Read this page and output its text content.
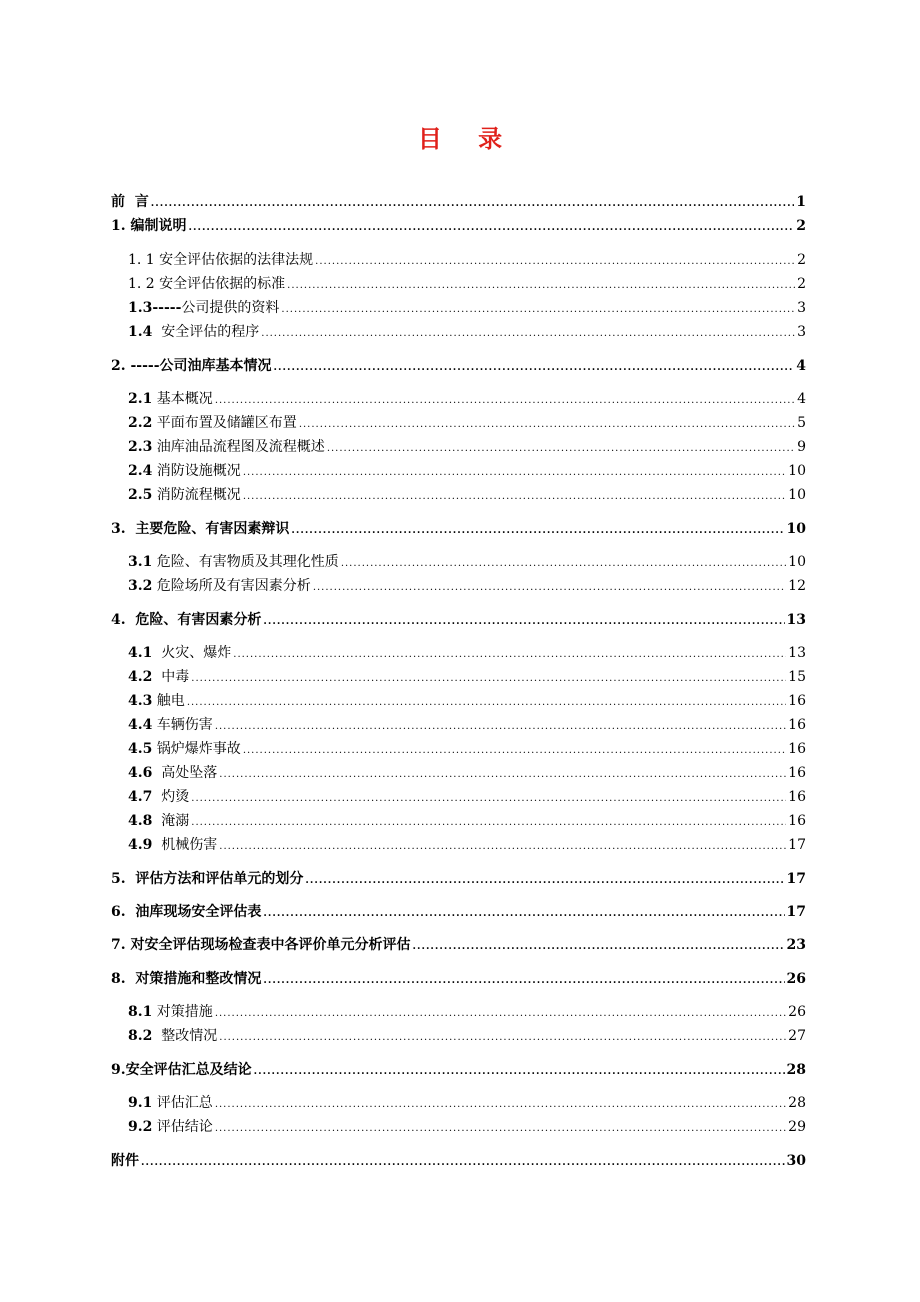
目 录
前  言 .....	1
1. 编制说明 .....	2
1. 1 安全评估依据的法律法规 .....	2
1. 2 安全评估依据的标准 .....	2
1.3-----公司提供的资料 .....	3
1.4  安全评估的程序 .....	3
2. -----公司油库基本情况 .....	4
2.1 基本概况 .....	4
2.2 平面布置及储罐区布置 .....	5
2.3 油库油品流程图及流程概述 .....	9
2.4 消防设施概况 .....	10
2.5 消防流程概况 .....	10
3.  主要危险、有害因素辩识 .....	10
3.1 危险、有害物质及其理化性质 .....	10
3.2 危险场所及有害因素分析 .....	12
4.  危险、有害因素分析 .....	13
4.1  火灾、爆炸 .....	13
4.2  中毒 .....	15
4.3 触电 .....	16
4.4 车辆伤害 .....	16
4.5 锅炉爆炸事故 .....	16
4.6  高处坠落 .....	16
4.7  灼烫 .....	16
4.8  淹溺 .....	16
4.9  机械伤害 .....	17
5.  评估方法和评估单元的划分 .....	17
6.  油库现场安全评估表 .....	17
7. 对安全评估现场检查表中各评价单元分析评估 .....	23
8.  对策措施和整改情况 .....	26
8.1 对策措施 .....	26
8.2  整改情况 .....	27
9.安全评估汇总及结论 .....	28
9.1 评估汇总 .....	28
9.2 评估结论 .....	29
附件 .....	30
